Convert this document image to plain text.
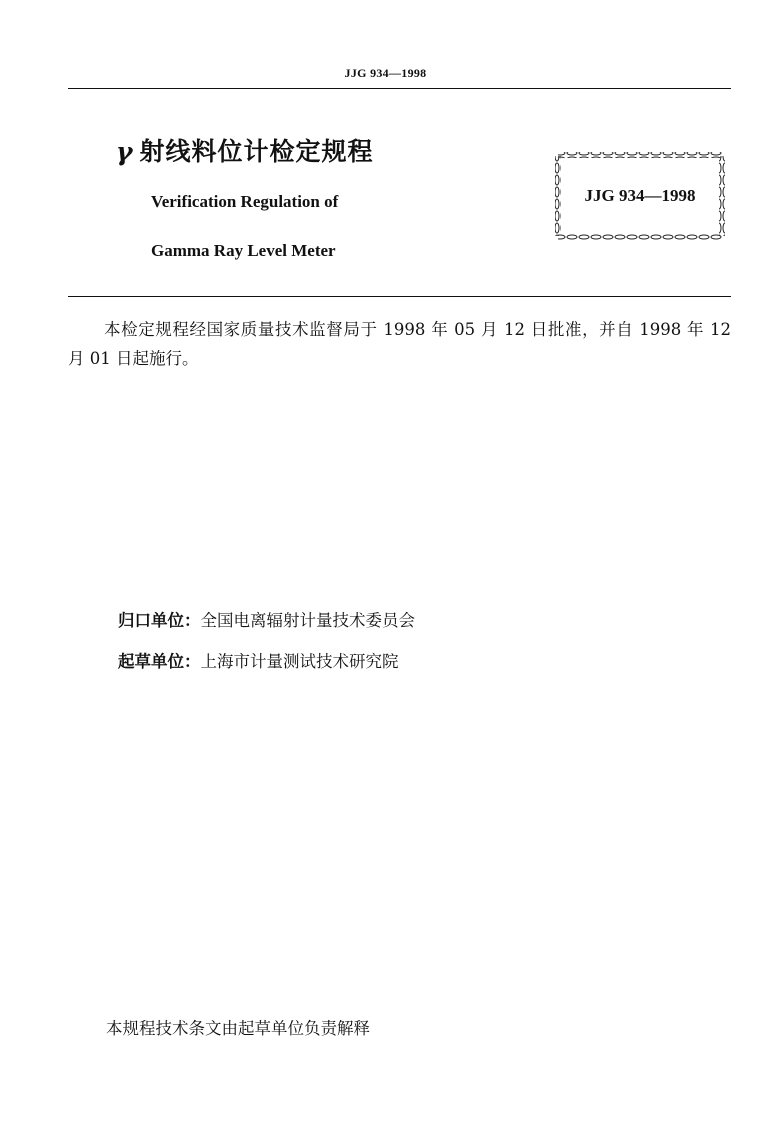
JJG 934—1998
γ 射线料位计检定规程
Verification Regulation of
Gamma Ray Level Meter
JJG 934—1998
本检定规程经国家质量技术监督局于 1998 年 05 月 12 日批准，并自 1998 年 12 月 01 日起施行。
归口单位：全国电离辐射计量技术委员会
起草单位：上海市计量测试技术研究院
本规程技术条文由起草单位负责解释
